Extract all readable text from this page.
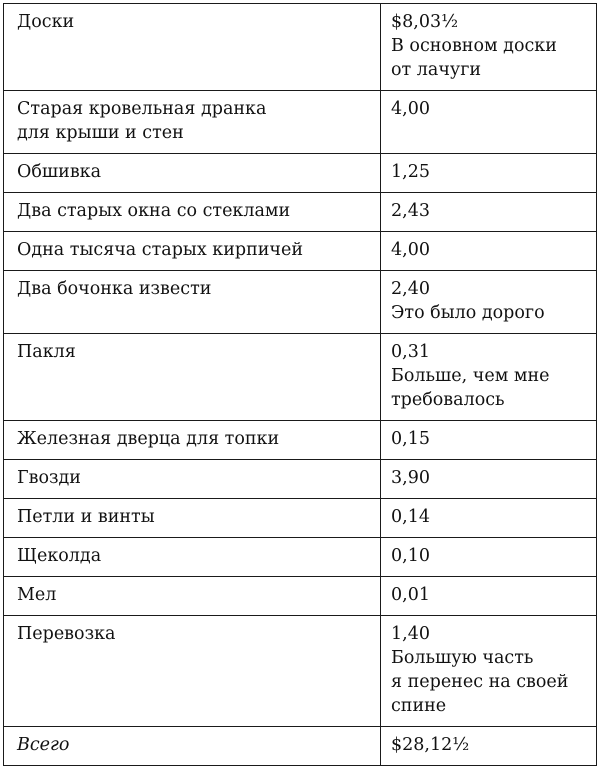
Доски	$8,03½
В основном доски
от лачуги

Старая кровельная дранка
для крыши и стен	4,00

Обшивка	1,25

Два старых окна со стеклами	2,43

Одна тысяча старых кирпичей	4,00

Два бочонка извести	2,40
Это было дорого

Пакля	0,31
Больше, чем мне
требовалось

Железная дверца для топки	0,15

Гвозди	3,90

Петли и винты	0,14

Щеколда	0,10

Мел	0,01

Перевозка	1,40
Большую часть
я перенес на своей
спине

Всего	$28,12½
